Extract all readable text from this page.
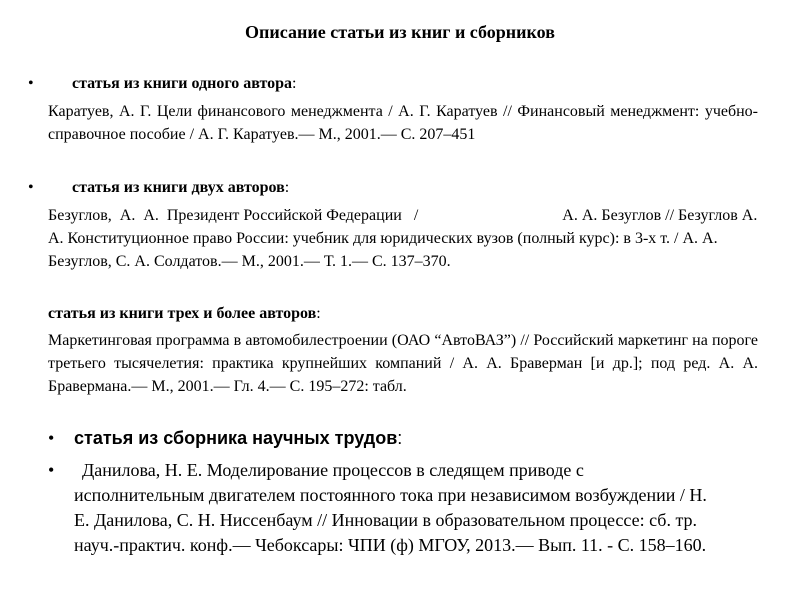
Описание статьи из книг и сборников
• статья из книги одного автора:
Каратуев, А. Г. Цели финансового менеджмента / А. Г. Каратуев // Финансовый менеджмент: учебно-справочное пособие / А. Г. Каратуев.— М., 2001.— С. 207–451
• статья из книги двух авторов:
Безуглов,  А.  А.  Президент Российской Федерации   /	А. А. Безуглов // Безуглов А. А. Конституционное право России: учебник для юридических вузов (полный курс): в 3-х т. / А. А. Безуглов, С. А. Солдатов.— М., 2001.— Т. 1.— С. 137–370.
статья из книги трех и более авторов:
Маркетинговая программа в автомобилестроении (ОАО “АвтоВАЗ”) // Российский маркетинг на пороге третьего тысячелетия: практика крупнейших компаний / А. А. Браверман [и др.]; под ред. А. А. Бравермана.— М., 2001.— Гл. 4.— С. 195–272: табл.
• статья из сборника научных трудов:
• Данилова, Н. Е. Моделирование процессов в следящем приводе с исполнительным двигателем постоянного тока при независимом возбуждении / Н. Е. Данилова, С. Н. Ниссенбаум // Инновации в образовательном процессе: сб. тр. науч.-практич. конф.— Чебоксары: ЧПИ (ф) МГОУ, 2013.— Вып. 11. - С. 158–160.
